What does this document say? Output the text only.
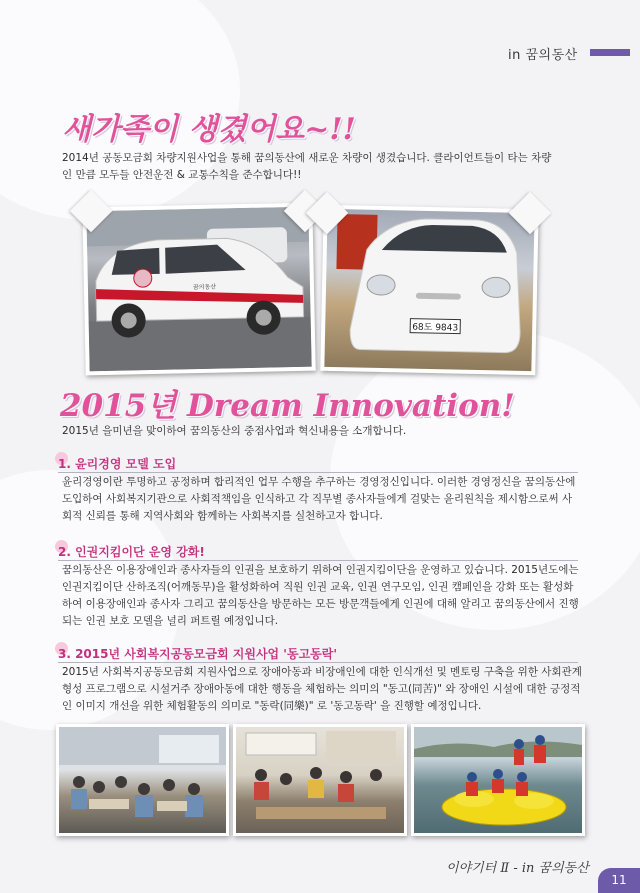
in 꿈의동산
새가족이 생겼어요~!!
2014년 공동모금회 차량지원사업을 통해 꿈의동산에 새로운 차량이 생겼습니다. 클라이언트들이 타는 차량인 만큼 모두들 안전운전 & 교통수칙을 준수합니다!!
꿈의동산
68도 9843
2015년 Dream Innovation!
2015년 을미년을 맞이하여 꿈의동산의 중점사업과 혁신내용을 소개합니다.
1. 윤리경영 모델 도입
윤리경영이란 투명하고 공정하며 합리적인 업무 수행을 추구하는 경영정신입니다. 이러한 경영정신을 꿈의동산에 도입하여 사회복지기관으로 사회적책임을 인식하고 각 직무별 종사자들에게 걸맞는 윤리원칙을 제시함으로써 사회적 신뢰를 통해 지역사회와 함께하는 사회복지를 실천하고자 합니다.
2. 인권지킴이단 운영 강화!
꿈의동산은 이용장애인과 종사자들의 인권을 보호하기 위하여 인권지킴이단을 운영하고 있습니다. 2015년도에는 인권지킴이단 산하조직(어깨동무)을 활성화하여 직원 인권 교육, 인권 연구모임, 인권 캠페인을 강화 또는 활성화하여 이용장애인과 종사자 그리고 꿈의동산을 방문하는 모든 방문객들에게 인권에 대해 알리고 꿈의동산에서 진행되는 인권 보호 모델을 널리 퍼트릴 예정입니다.
3. 2015년 사회복지공동모금회 지원사업 '동고동락'
2015년 사회복지공동모금회 지원사업으로 장애아동과 비장애인에 대한 인식개선 및 멘토링 구축을 위한 사회관계 형성 프로그램으로 시설거주 장애아동에 대한 행동을 체험하는 의미의 "동고(同苦)" 와 장애인 시설에 대한 긍정적인 이미지 개선을 위한 체험활동의 의미로 "동락(同樂)" 로 '동고동락' 을 진행할 예정입니다.
이야기터 Ⅱ - in 꿈의동산
11
